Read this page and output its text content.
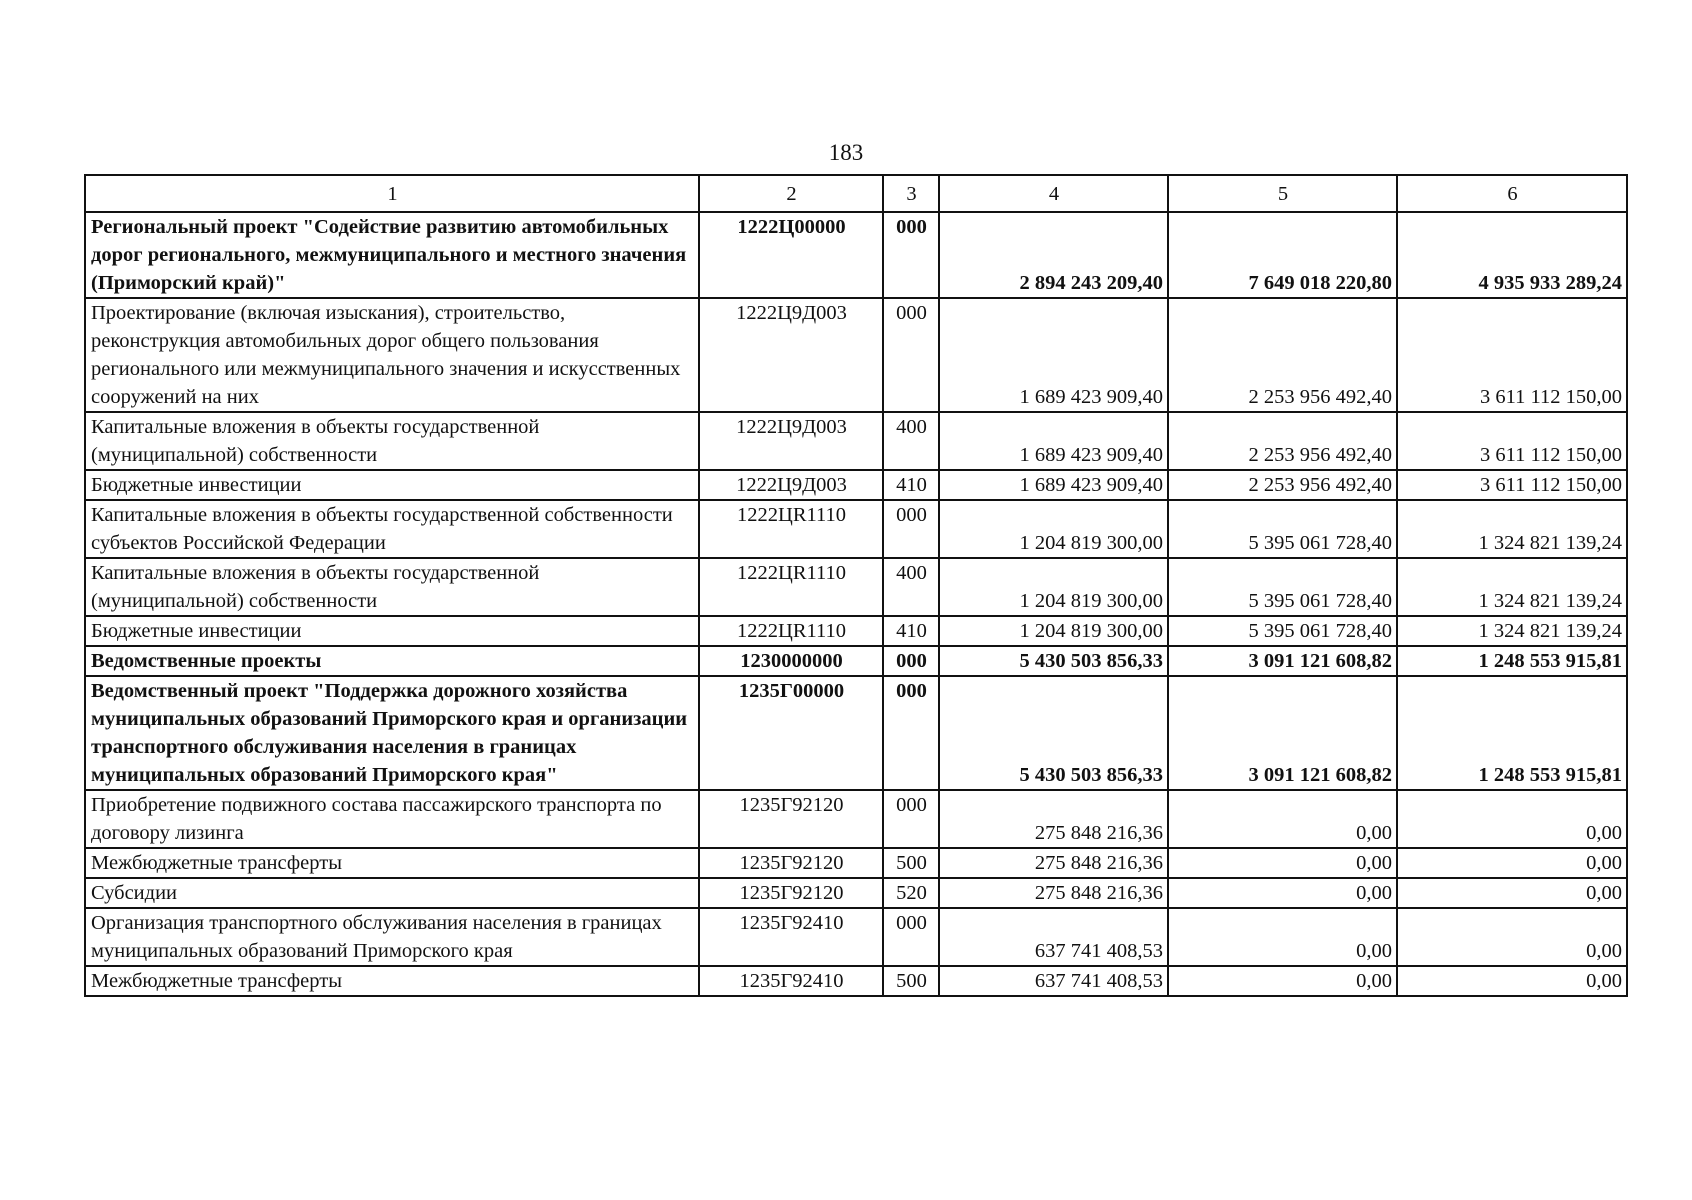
183
1	2	3	4	5	6
Региональный проект "Содействие развитию автомобильных дорог регионального, межмуниципального и местного значения (Приморский край)"	1222Ц00000	000	2 894 243 209,40	7 649 018 220,80	4 935 933 289,24
Проектирование (включая изыскания), строительство, реконструкция автомобильных дорог общего пользования регионального или межмуниципального значения и искусственных сооружений на них	1222Ц9Д003	000	1 689 423 909,40	2 253 956 492,40	3 611 112 150,00
Капитальные вложения в объекты государственной (муниципальной) собственности	1222Ц9Д003	400	1 689 423 909,40	2 253 956 492,40	3 611 112 150,00
Бюджетные инвестиции	1222Ц9Д003	410	1 689 423 909,40	2 253 956 492,40	3 611 112 150,00
Капитальные вложения в объекты государственной собственности субъектов Российской Федерации	1222ЦR1110	000	1 204 819 300,00	5 395 061 728,40	1 324 821 139,24
Капитальные вложения в объекты государственной (муниципальной) собственности	1222ЦR1110	400	1 204 819 300,00	5 395 061 728,40	1 324 821 139,24
Бюджетные инвестиции	1222ЦR1110	410	1 204 819 300,00	5 395 061 728,40	1 324 821 139,24
Ведомственные проекты	1230000000	000	5 430 503 856,33	3 091 121 608,82	1 248 553 915,81
Ведомственный проект "Поддержка дорожного хозяйства муниципальных образований Приморского края и организации транспортного обслуживания населения в границах муниципальных образований Приморского края"	1235Г00000	000	5 430 503 856,33	3 091 121 608,82	1 248 553 915,81
Приобретение подвижного состава пассажирского транспорта по договору лизинга	1235Г92120	000	275 848 216,36	0,00	0,00
Межбюджетные трансферты	1235Г92120	500	275 848 216,36	0,00	0,00
Субсидии	1235Г92120	520	275 848 216,36	0,00	0,00
Организация транспортного обслуживания населения в границах муниципальных образований Приморского края	1235Г92410	000	637 741 408,53	0,00	0,00
Межбюджетные трансферты	1235Г92410	500	637 741 408,53	0,00	0,00
